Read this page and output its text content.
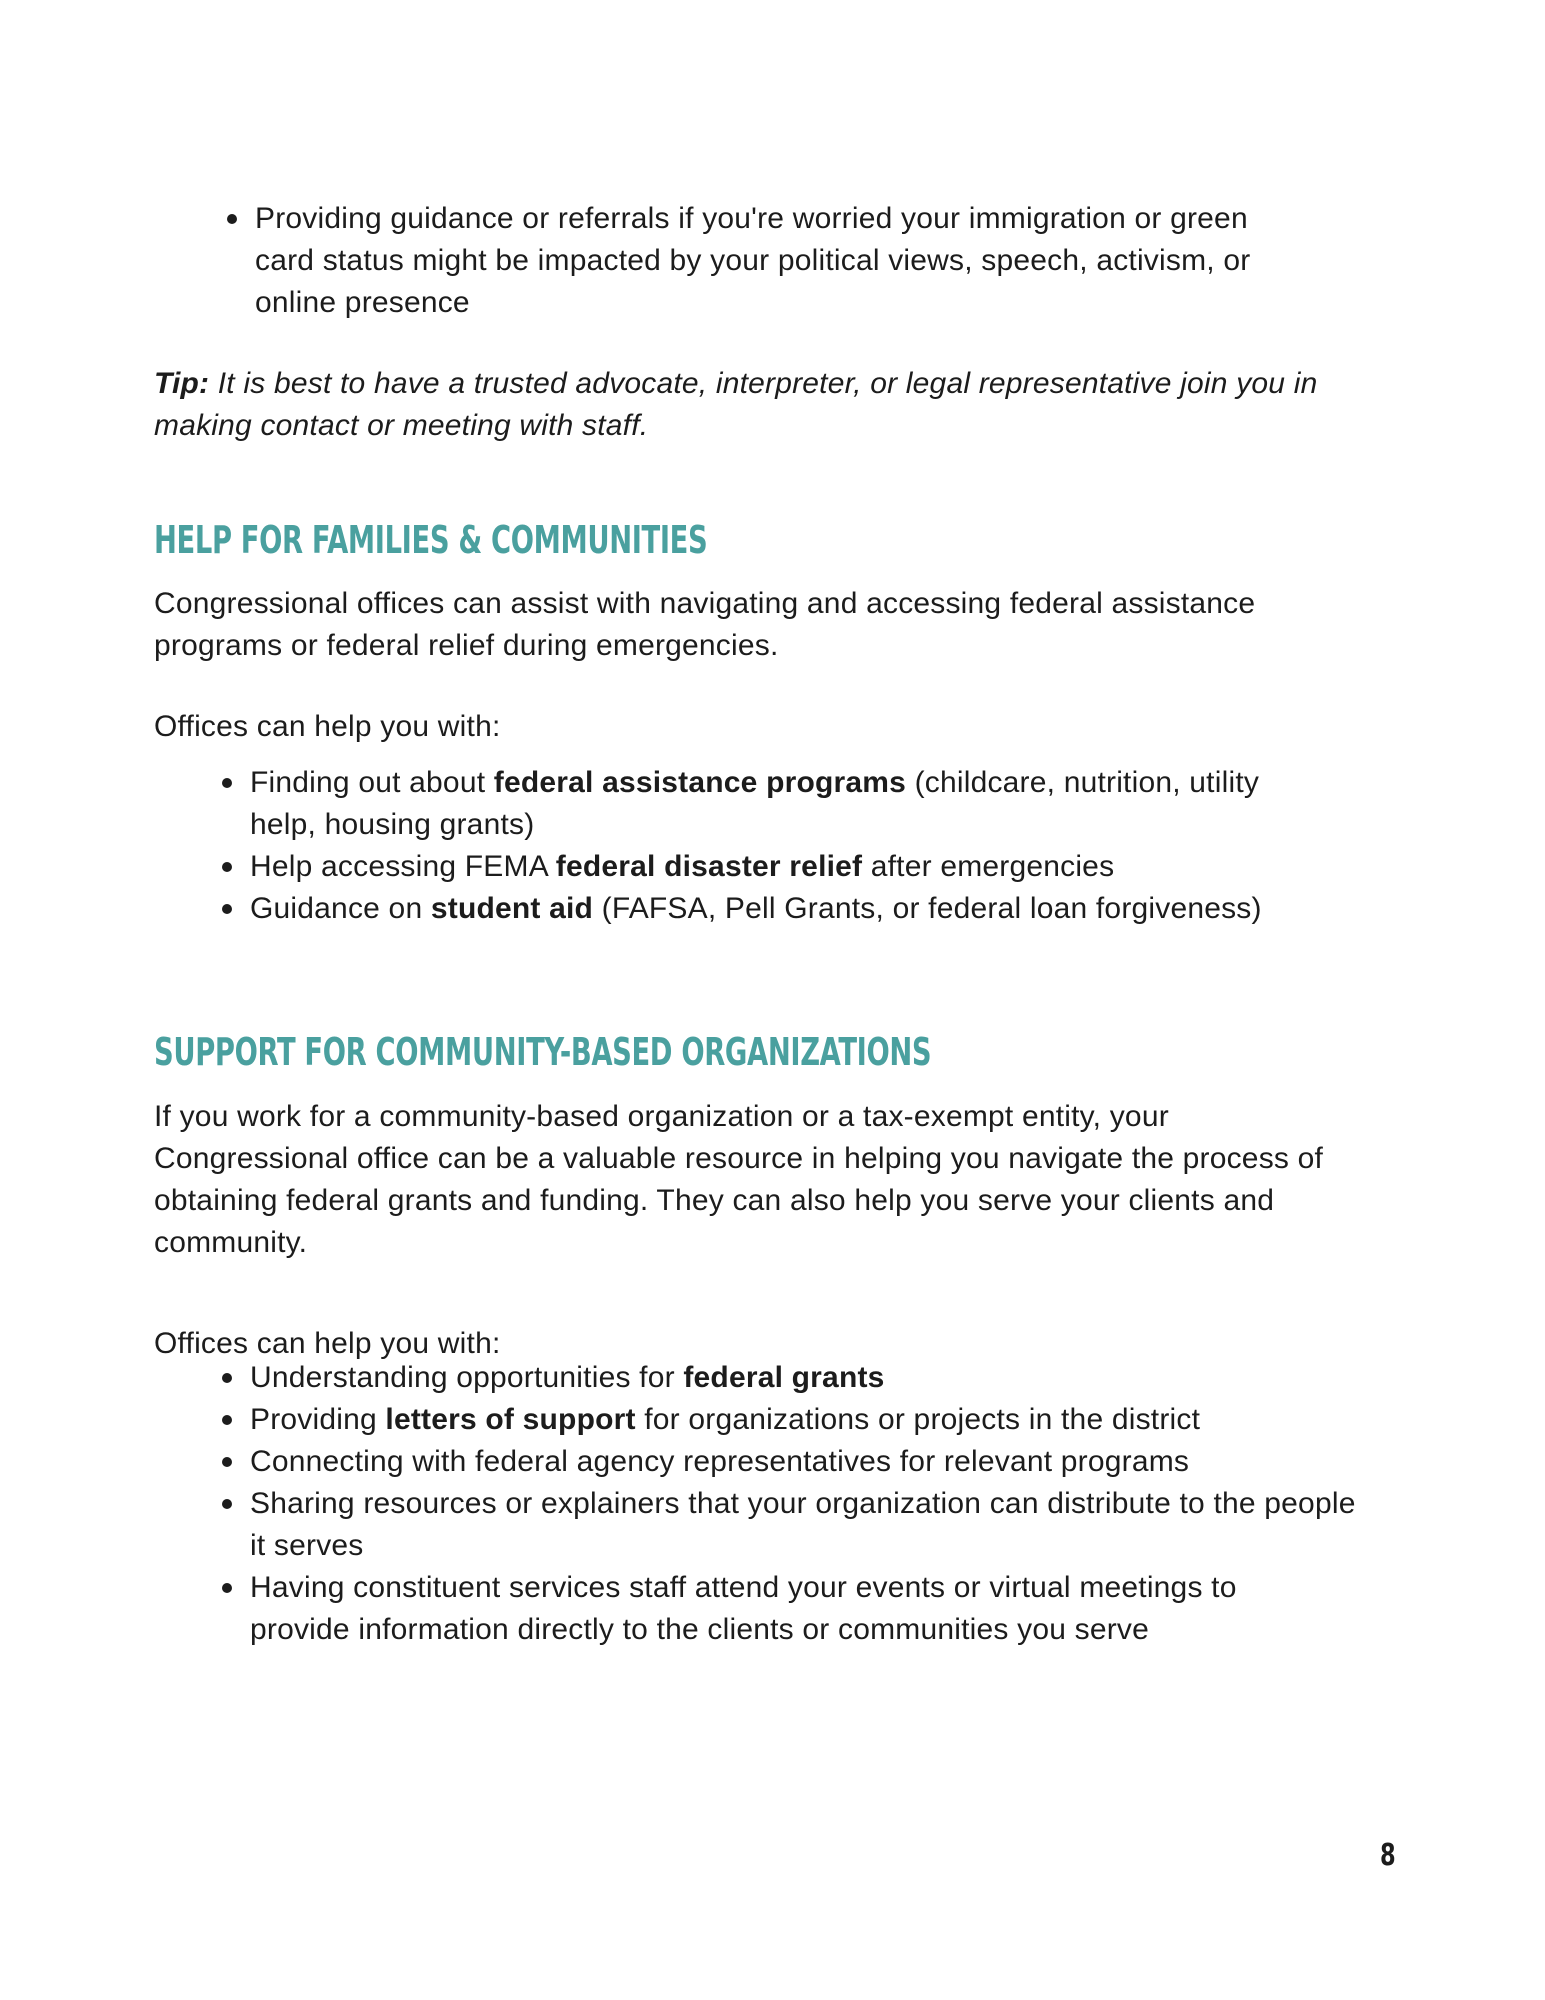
Providing guidance or referrals if you're worried your immigration or green card status might be impacted by your political views, speech, activism, or online presence

Tip: It is best to have a trusted advocate, interpreter, or legal representative join you in making contact or meeting with staff.

HELP FOR FAMILIES & COMMUNITIES

Congressional offices can assist with navigating and accessing federal assistance programs or federal relief during emergencies.

Offices can help you with:

Finding out about federal assistance programs (childcare, nutrition, utility help, housing grants)
Help accessing FEMA federal disaster relief after emergencies
Guidance on student aid (FAFSA, Pell Grants, or federal loan forgiveness)
SUPPORT FOR COMMUNITY-BASED ORGANIZATIONS

If you work for a community-based organization or a tax-exempt entity, your Congressional office can be a valuable resource in helping you navigate the process of obtaining federal grants and funding. They can also help you serve your clients and community.

Offices can help you with:

Understanding opportunities for federal grants
Providing letters of support for organizations or projects in the district
Connecting with federal agency representatives for relevant programs
Sharing resources or explainers that your organization can distribute to the people it serves
Having constituent services staff attend your events or virtual meetings to provide information directly to the clients or communities you serve
8
